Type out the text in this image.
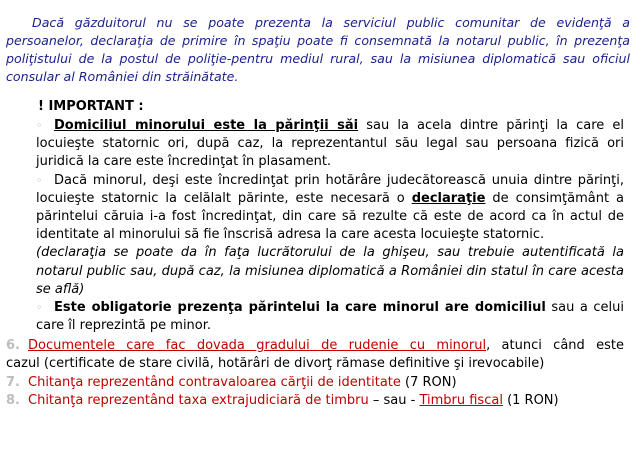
Dacă găzduitorul nu se poate prezenta la serviciul public comunitar de evidenţă a persoanelor, declaraţia de primire în spaţiu poate fi consemnată la notarul public, în prezenţa poliţistului de la postul de poliţie-pentru mediul rural, sau la misiunea diplomatică sau oficiul consular al României din străinătate.
! IMPORTANT :

◦ Domiciliul minorului este la părinţii săi sau la acela dintre părinţi la care el locuieşte statornic ori, după caz, la reprezentantul său legal sau persoana fizică ori juridică la care este încredinţat în plasament.

◦ Dacă minorul, deşi este încredinţat prin hotărâre judecătorească unuia dintre părinţi, locuieşte statornic la celălalt părinte, este necesară o declaraţie de consimţământ a părintelui căruia i-a fost încredinţat, din care să rezulte că este de acord ca în actul de identitate al minorului să fie înscrisă adresa la care acesta locuieşte statornic.

(declaraţia se poate da în faţa lucrătorului de la ghişeu, sau trebuie autentificată la notarul public sau, după caz, la misiunea diplomatică a României din statul în care acesta se află)

◦ Este obligatorie prezenţa părintelui la care minorul are domiciliul sau a celui care îl reprezintă pe minor.

6. Documentele care fac dovada gradului de rudenie cu minorul, atunci când este

cazul (certificate de stare civilă, hotărâri de divorţ rămase definitive şi irevocabile)

7. Chitanţa reprezentând contravaloarea cărţii de identitate (7 RON)

8. Chitanţa reprezentând taxa extrajudiciară de timbru – sau - Timbru fiscal (1 RON)
